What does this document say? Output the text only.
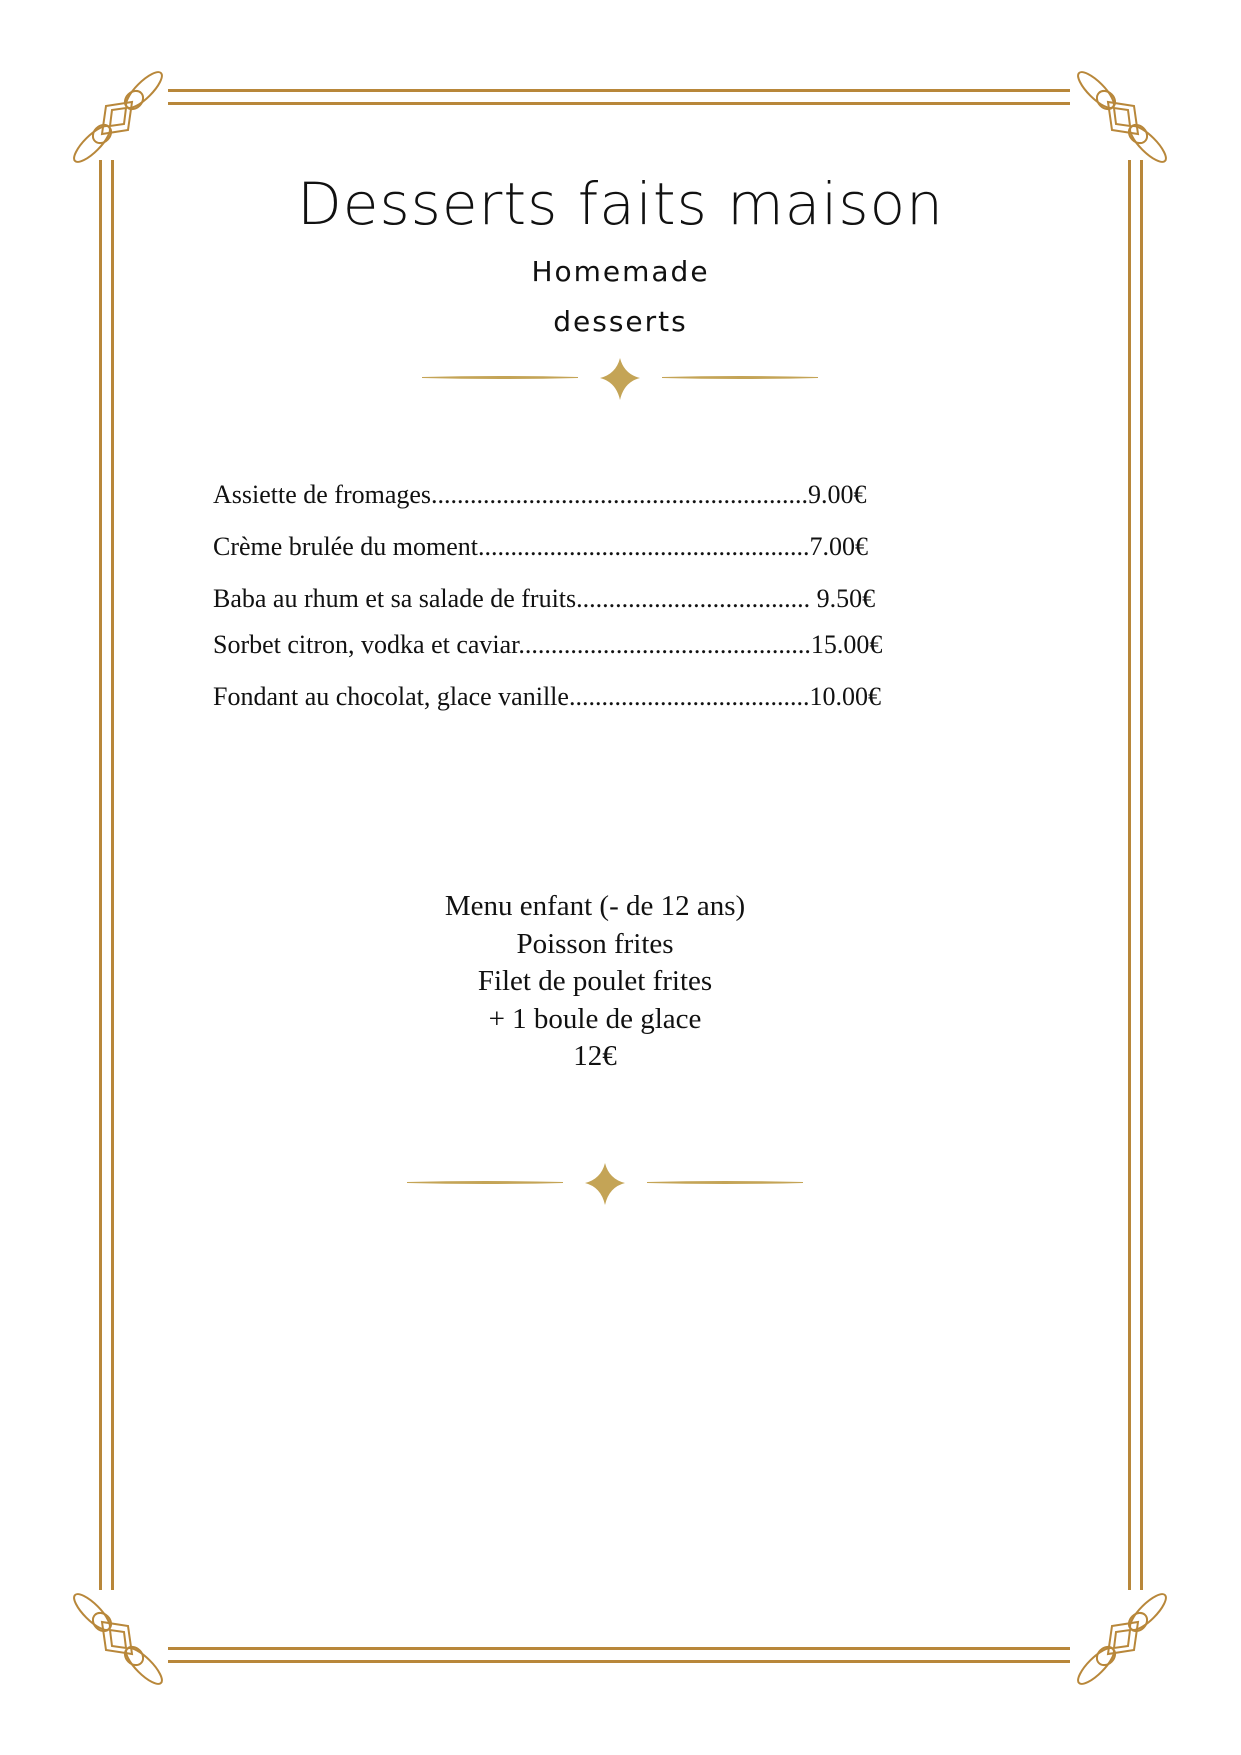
Desserts faits maison
Homemade
desserts
Assiette de fromages..........................................................9.00€
Crème brulée du moment...................................................7.00€
Baba au rhum et sa salade de fruits.................................... 9.50€
Sorbet citron, vodka et caviar.............................................15.00€
Fondant au chocolat, glace vanille.....................................10.00€
Menu enfant (- de 12 ans)
Poisson frites
Filet de poulet frites
+ 1 boule de glace
12€
